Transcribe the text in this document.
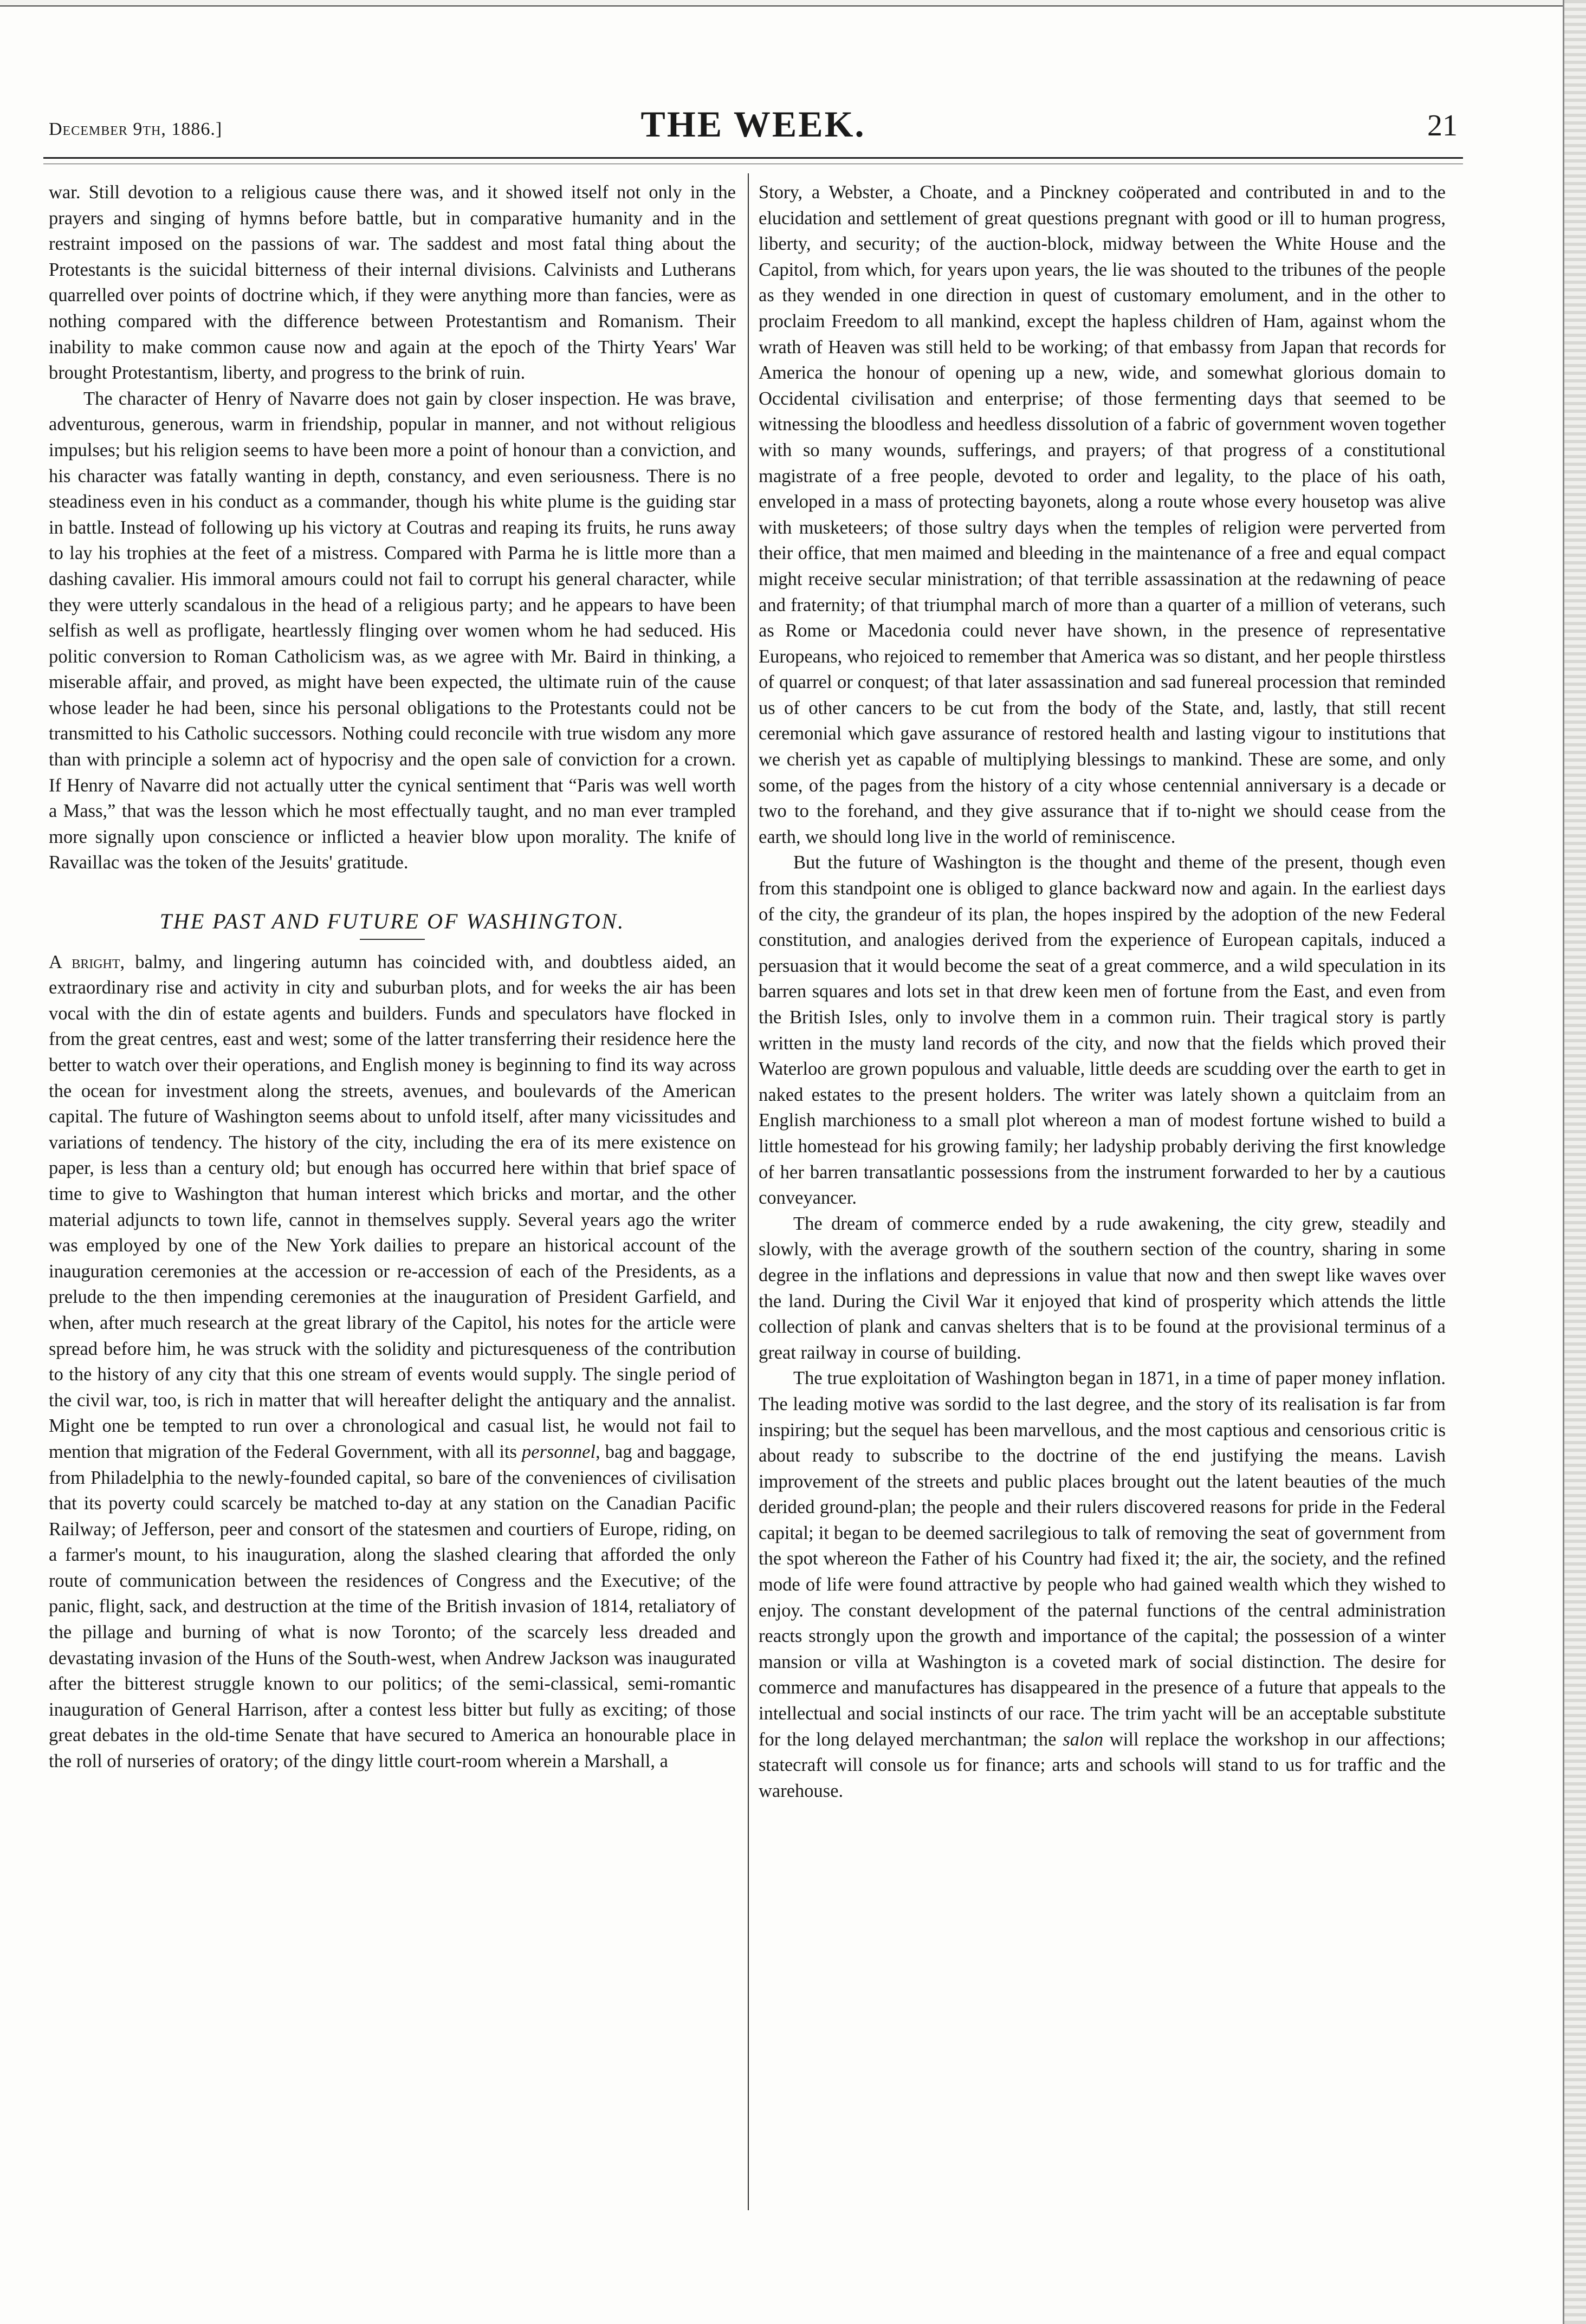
December 9th, 1886.]	THE WEEK.	21

war. Still devotion to a religious cause there was, and it showed itself not only in the prayers and singing of hymns before battle, but in comparative humanity and in the restraint imposed on the passions of war. The saddest and most fatal thing about the Protestants is the suicidal bitterness of their internal divisions. Calvinists and Lutherans quarrelled over points of doctrine which, if they were anything more than fancies, were as nothing compared with the difference between Protestantism and Romanism. Their inability to make common cause now and again at the epoch of the Thirty Years' War brought Protestantism, liberty, and progress to the brink of ruin.

The character of Henry of Navarre does not gain by closer inspection. He was brave, adventurous, generous, warm in friendship, popular in manner, and not without religious impulses; but his religion seems to have been more a point of honour than a conviction, and his character was fatally wanting in depth, constancy, and even seriousness. There is no steadiness even in his conduct as a commander, though his white plume is the guiding star in battle. Instead of following up his victory at Coutras and reaping its fruits, he runs away to lay his trophies at the feet of a mistress. Compared with Parma he is little more than a dashing cavalier. His immoral amours could not fail to corrupt his general character, while they were utterly scandalous in the head of a religious party; and he appears to have been selfish as well as profligate, heartlessly flinging over women whom he had seduced. His politic conversion to Roman Catholicism was, as we agree with Mr. Baird in thinking, a miserable affair, and proved, as might have been expected, the ultimate ruin of the cause whose leader he had been, since his personal obligations to the Protestants could not be transmitted to his Catholic successors. Nothing could reconcile with true wisdom any more than with principle a solemn act of hypocrisy and the open sale of conviction for a crown. If Henry of Navarre did not actually utter the cynical sentiment that “Paris was well worth a Mass,” that was the lesson which he most effectually taught, and no man ever trampled more signally upon conscience or inflicted a heavier blow upon morality. The knife of Ravaillac was the token of the Jesuits' gratitude.

THE PAST AND FUTURE OF WASHINGTON.

A bright, balmy, and lingering autumn has coincided with, and doubtless aided, an extraordinary rise and activity in city and suburban plots, and for weeks the air has been vocal with the din of estate agents and builders. Funds and speculators have flocked in from the great centres, east and west; some of the latter transferring their residence here the better to watch over their operations, and English money is beginning to find its way across the ocean for investment along the streets, avenues, and boulevards of the American capital. The future of Washington seems about to unfold itself, after many vicissitudes and variations of tendency. The history of the city, including the era of its mere existence on paper, is less than a century old; but enough has occurred here within that brief space of time to give to Washington that human interest which bricks and mortar, and the other material adjuncts to town life, cannot in themselves supply. Several years ago the writer was employed by one of the New York dailies to prepare an historical account of the inauguration ceremonies at the accession or re-accession of each of the Presidents, as a prelude to the then impending ceremonies at the inauguration of President Garfield, and when, after much research at the great library of the Capitol, his notes for the article were spread before him, he was struck with the solidity and picturesqueness of the contribution to the history of any city that this one stream of events would supply. The single period of the civil war, too, is rich in matter that will hereafter delight the antiquary and the annalist. Might one be tempted to run over a chronological and casual list, he would not fail to mention that migration of the Federal Government, with all its personnel, bag and baggage, from Philadelphia to the newly-founded capital, so bare of the conveniences of civilisation that its poverty could scarcely be matched to-day at any station on the Canadian Pacific Railway; of Jefferson, peer and consort of the statesmen and courtiers of Europe, riding, on a farmer's mount, to his inauguration, along the slashed clearing that afforded the only route of communication between the residences of Congress and the Executive; of the panic, flight, sack, and destruction at the time of the British invasion of 1814, retaliatory of the pillage and burning of what is now Toronto; of the scarcely less dreaded and devastating invasion of the Huns of the South-west, when Andrew Jackson was inaugurated after the bitterest struggle known to our politics; of the semi-classical, semi-romantic inauguration of General Harrison, after a contest less bitter but fully as exciting; of those great debates in the old-time Senate that have secured to America an honourable place in the roll of nurseries of oratory; of the dingy little court-room wherein a Marshall, a

Story, a Webster, a Choate, and a Pinckney coöperated and contributed in and to the elucidation and settlement of great questions pregnant with good or ill to human progress, liberty, and security; of the auction-block, midway between the White House and the Capitol, from which, for years upon years, the lie was shouted to the tribunes of the people as they wended in one direction in quest of customary emolument, and in the other to proclaim Freedom to all mankind, except the hapless children of Ham, against whom the wrath of Heaven was still held to be working; of that embassy from Japan that records for America the honour of opening up a new, wide, and somewhat glorious domain to Occidental civilisation and enterprise; of those fermenting days that seemed to be witnessing the bloodless and heedless dissolution of a fabric of government woven together with so many wounds, sufferings, and prayers; of that progress of a constitutional magistrate of a free people, devoted to order and legality, to the place of his oath, enveloped in a mass of protecting bayonets, along a route whose every housetop was alive with musketeers; of those sultry days when the temples of religion were perverted from their office, that men maimed and bleeding in the maintenance of a free and equal compact might receive secular ministration; of that terrible assassination at the redawning of peace and fraternity; of that triumphal march of more than a quarter of a million of veterans, such as Rome or Macedonia could never have shown, in the presence of representative Europeans, who rejoiced to remember that America was so distant, and her people thirstless of quarrel or conquest; of that later assassination and sad funereal procession that reminded us of other cancers to be cut from the body of the State, and, lastly, that still recent ceremonial which gave assurance of restored health and lasting vigour to institutions that we cherish yet as capable of multiplying blessings to mankind. These are some, and only some, of the pages from the history of a city whose centennial anniversary is a decade or two to the forehand, and they give assurance that if to-night we should cease from the earth, we should long live in the world of reminiscence.

But the future of Washington is the thought and theme of the present, though even from this standpoint one is obliged to glance backward now and again. In the earliest days of the city, the grandeur of its plan, the hopes inspired by the adoption of the new Federal constitution, and analogies derived from the experience of European capitals, induced a persuasion that it would become the seat of a great commerce, and a wild speculation in its barren squares and lots set in that drew keen men of fortune from the East, and even from the British Isles, only to involve them in a common ruin. Their tragical story is partly written in the musty land records of the city, and now that the fields which proved their Waterloo are grown populous and valuable, little deeds are scudding over the earth to get in naked estates to the present holders. The writer was lately shown a quitclaim from an English marchioness to a small plot whereon a man of modest fortune wished to build a little homestead for his growing family; her ladyship probably deriving the first knowledge of her barren transatlantic possessions from the instrument forwarded to her by a cautious conveyancer.

The dream of commerce ended by a rude awakening, the city grew, steadily and slowly, with the average growth of the southern section of the country, sharing in some degree in the inflations and depressions in value that now and then swept like waves over the land. During the Civil War it enjoyed that kind of prosperity which attends the little collection of plank and canvas shelters that is to be found at the provisional terminus of a great railway in course of building.

The true exploitation of Washington began in 1871, in a time of paper money inflation. The leading motive was sordid to the last degree, and the story of its realisation is far from inspiring; but the sequel has been marvellous, and the most captious and censorious critic is about ready to subscribe to the doctrine of the end justifying the means. Lavish improvement of the streets and public places brought out the latent beauties of the much derided ground-plan; the people and their rulers discovered reasons for pride in the Federal capital; it began to be deemed sacrilegious to talk of removing the seat of government from the spot whereon the Father of his Country had fixed it; the air, the society, and the refined mode of life were found attractive by people who had gained wealth which they wished to enjoy. The constant development of the paternal functions of the central administration reacts strongly upon the growth and importance of the capital; the possession of a winter mansion or villa at Washington is a coveted mark of social distinction. The desire for commerce and manufactures has disappeared in the presence of a future that appeals to the intellectual and social instincts of our race. The trim yacht will be an acceptable substitute for the long delayed merchantman; the salon will replace the workshop in our affections; statecraft will console us for finance; arts and schools will stand to us for traffic and the warehouse.
